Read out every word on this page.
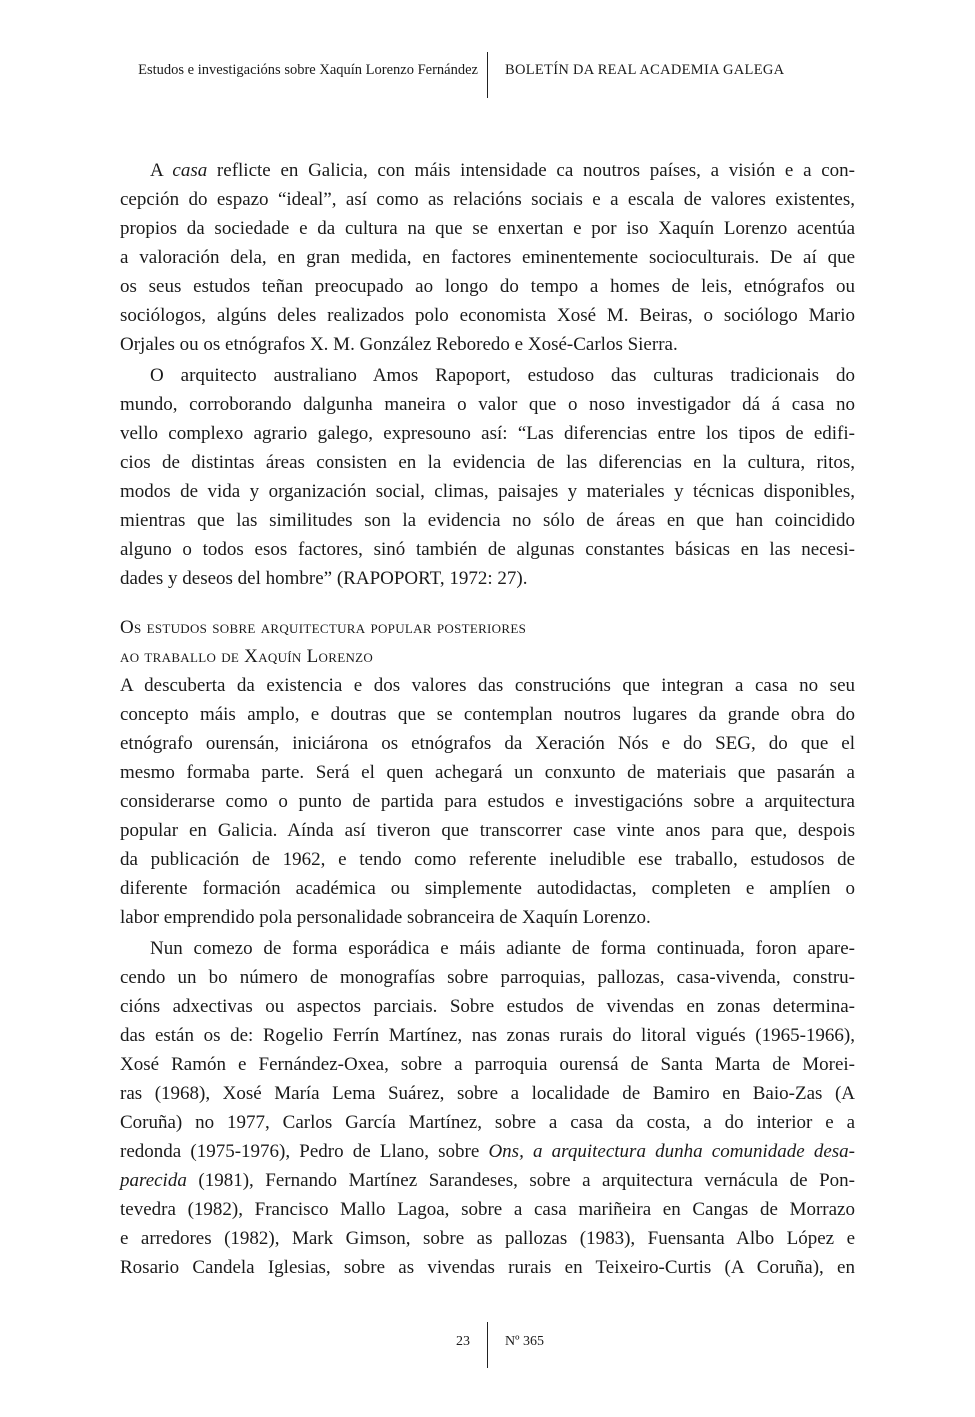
Estudos e investigacións sobre Xaquín Lorenzo Fernández BOLETÍN DA REAL ACADEMIA GALEGA
A casa reflicte en Galicia, con máis intensidade ca noutros países, a visión e a con-
cepción do espazo “ideal”, así como as relacións sociais e a escala de valores existentes,
propios da sociedade e da cultura na que se enxertan e por iso Xaquín Lorenzo acentúa
a valoración dela, en gran medida, en factores eminentemente socioculturais. De aí que
os seus estudos teñan preocupado ao longo do tempo a homes de leis, etnógrafos ou
sociólogos, algúns deles realizados polo economista Xosé M. Beiras, o sociólogo Mario
Orjales ou os etnógrafos X. M. González Reboredo e Xosé-Carlos Sierra.
O arquitecto australiano Amos Rapoport, estudoso das culturas tradicionais do
mundo, corroborando dalgunha maneira o valor que o noso investigador dá á casa no
vello complexo agrario galego, expresouno así: “Las diferencias entre los tipos de edifi-
cios de distintas áreas consisten en la evidencia de las diferencias en la cultura, ritos,
modos de vida y organización social, climas, paisajes y materiales y técnicas disponibles,
mientras que las similitudes son la evidencia no sólo de áreas en que han coincidido
alguno o todos esos factores, sinó también de algunas constantes básicas en las necesi-
dades y deseos del hombre” (RAPOPORT, 1972: 27).
Os estudos sobre arquitectura popular posteriores
ao traballo de Xaquín Lorenzo
A descuberta da existencia e dos valores das construcións que integran a casa no seu
concepto máis amplo, e doutras que se contemplan noutros lugares da grande obra do
etnógrafo ourensán, iniciárona os etnógrafos da Xeración Nós e do SEG, do que el
mesmo formaba parte. Será el quen achegará un conxunto de materiais que pasarán a
considerarse como o punto de partida para estudos e investigacións sobre a arquitectura
popular en Galicia. Aínda así tiveron que transcorrer case vinte anos para que, despois
da publicación de 1962, e tendo como referente ineludible ese traballo, estudosos de
diferente formación académica ou simplemente autodidactas, completen e amplíen o
labor emprendido pola personalidade sobranceira de Xaquín Lorenzo.
Nun comezo de forma esporádica e máis adiante de forma continuada, foron apare-
cendo un bo número de monografías sobre parroquias, pallozas, casa-vivenda, constru-
cións adxectivas ou aspectos parciais. Sobre estudos de vivendas en zonas determina-
das están os de: Rogelio Ferrín Martínez, nas zonas rurais do litoral vigués (1965-1966),
Xosé Ramón e Fernández-Oxea, sobre a parroquia ourensá de Santa Marta de Morei-
ras (1968), Xosé María Lema Suárez, sobre a localidade de Bamiro en Baio-Zas (A
Coruña) no 1977, Carlos García Martínez, sobre a casa da costa, a do interior e a
redonda (1975-1976), Pedro de Llano, sobre Ons, a arquitectura dunha comunidade desa-
parecida (1981), Fernando Martínez Sarandeses, sobre a arquitectura vernácula de Pon-
tevedra (1982), Francisco Mallo Lagoa, sobre a casa mariñeira en Cangas de Morrazo
e arredores (1982), Mark Gimson, sobre as pallozas (1983), Fuensanta Albo López e
Rosario Candela Iglesias, sobre as vivendas rurais en Teixeiro-Curtis (A Coruña), en
23	Nº 365
